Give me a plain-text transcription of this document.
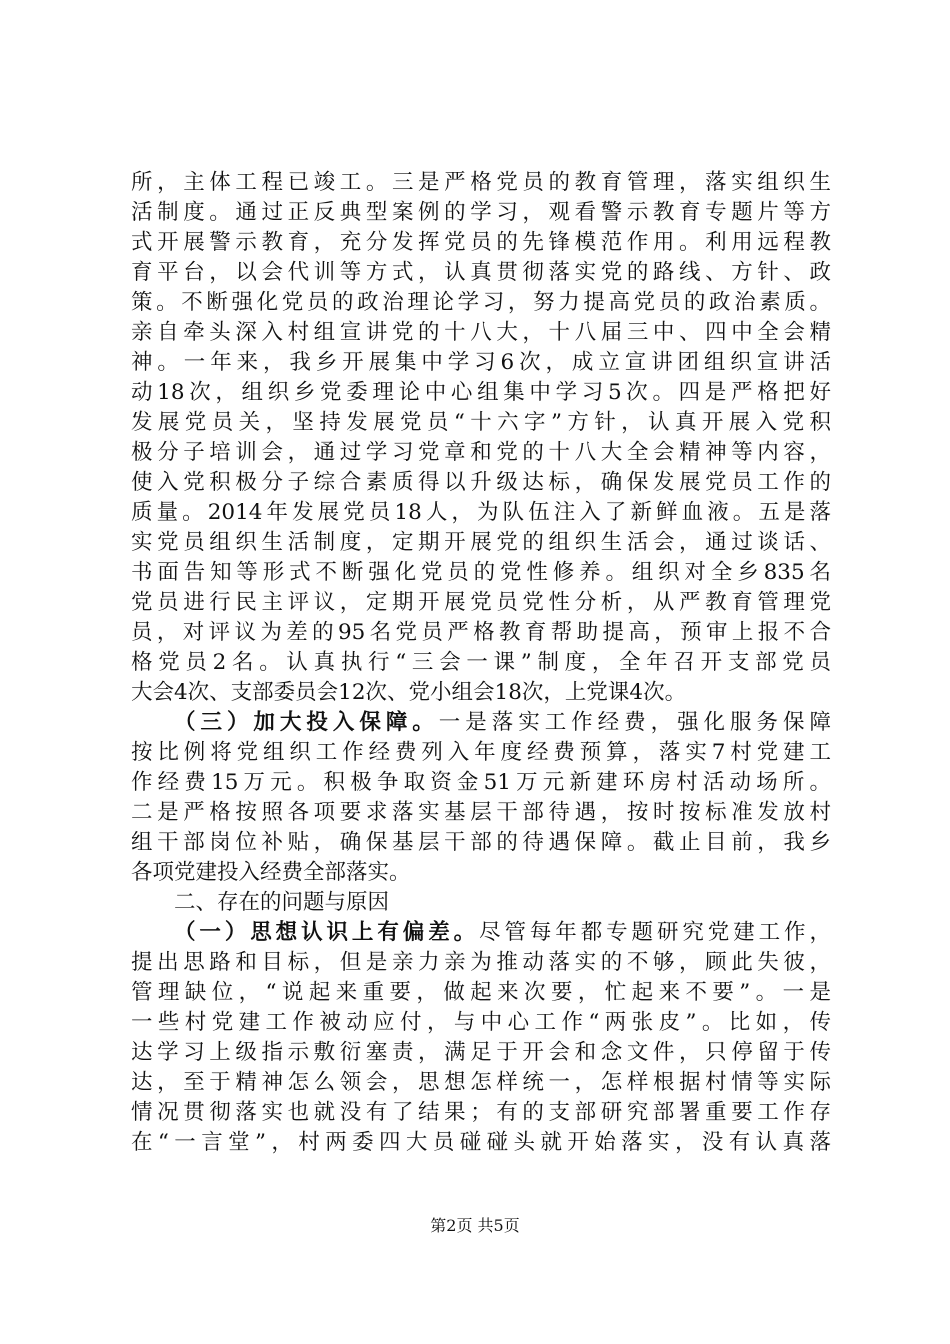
所，主体工程已竣工。三是严格党员的教育管理，落实组织生
活制度。通过正反典型案例的学习，观看警示教育专题片等方
式开展警示教育，充分发挥党员的先锋模范作用。利用远程教
育平台，以会代训等方式，认真贯彻落实党的路线、方针、政
策。不断强化党员的政治理论学习，努力提高党员的政治素质。
亲自牵头深入村组宣讲党的十八大，十八届三中、四中全会精
神。一年来，我乡开展集中学习6次，成立宣讲团组织宣讲活
动18次，组织乡党委理论中心组集中学习5次。四是严格把好
发展党员关，坚持发展党员“十六字”方针，认真开展入党积
极分子培训会，通过学习党章和党的十八大全会精神等内容，
使入党积极分子综合素质得以升级达标，确保发展党员工作的
质量。2014年发展党员18人，为队伍注入了新鲜血液。五是落
实党员组织生活制度，定期开展党的组织生活会，通过谈话、
书面告知等形式不断强化党员的党性修养。组织对全乡835名
党员进行民主评议，定期开展党员党性分析，从严教育管理党
员，对评议为差的95名党员严格教育帮助提高，预审上报不合
格党员2名。认真执行“三会一课”制度，全年召开支部党员
大会4次、支部委员会12次、党小组会18次，上党课4次。
（三）加大投入保障。一是落实工作经费，强化服务保障
按比例将党组织工作经费列入年度经费预算，落实7村党建工
作经费15万元。积极争取资金51万元新建环房村活动场所。
二是严格按照各项要求落实基层干部待遇，按时按标准发放村
组干部岗位补贴，确保基层干部的待遇保障。截止目前，我乡
各项党建投入经费全部落实。
二、存在的问题与原因
（一）思想认识上有偏差。尽管每年都专题研究党建工作，
提出思路和目标，但是亲力亲为推动落实的不够，顾此失彼，
管理缺位，“说起来重要，做起来次要，忙起来不要”。一是
一些村党建工作被动应付，与中心工作“两张皮”。比如，传
达学习上级指示敷衍塞责，满足于开会和念文件，只停留于传
达，至于精神怎么领会，思想怎样统一，怎样根据村情等实际
情况贯彻落实也就没有了结果；有的支部研究部署重要工作存
在“一言堂”，村两委四大员碰碰头就开始落实，没有认真落
第2页 共5页
